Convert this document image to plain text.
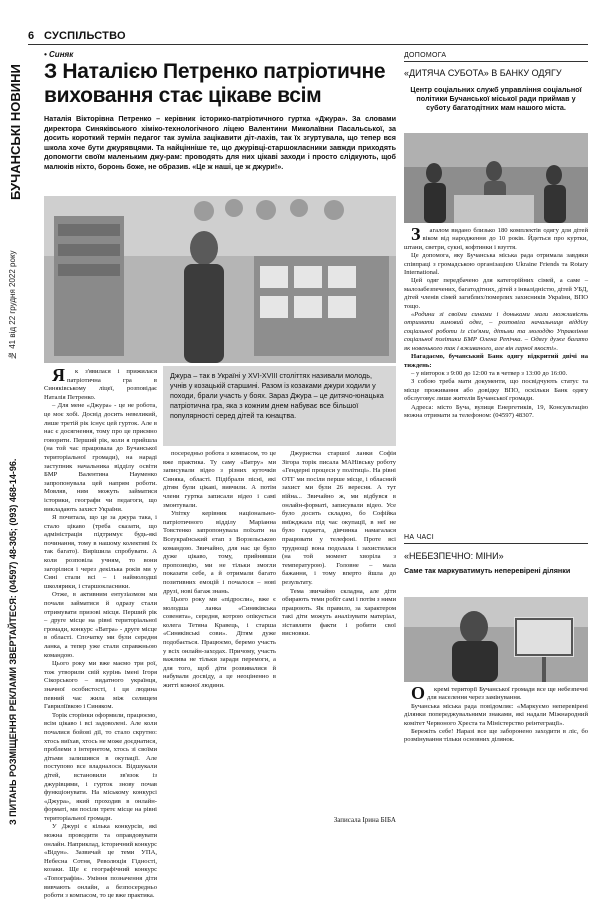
6 СУСПІЛЬСТВО
БУЧАНСЬКІ НОВИНИ
№ 41 від 22 грудня 2022 року
З ПИТАНЬ РОЗМІЩЕННЯ РЕКЛАМИ ЗВЕРТАЙТЕСЯ: (04597) 48-305; (093) 468-14-96.
• Синяк
З Наталією Петренко патріотичне виховання стає цікаве всім
Наталія Вікторівна Петренко – керівник історико-патріотичного гуртка «Джура». За словами директора Синяківського хіміко-технологічного ліцею Валентини Миколаївни Пасальської, за досить короткий термін педагог так зуміла зацікавити діт-лахів, так їх згуртувала, що тепер вся школа хоче бути джурявцями. Та найцінніше те, що джурівці-старшокласники завжди приходять допомогти своїм маленьким джу-рам: проводять для них цікаві заходи і просто слідкують, щоб малюків ніхто, боронь боже, не образив. «Це ж наші, це ж джури!».

Як з'явилася і прижилася патріотична гра в Синяківському ліцеї, розповідає Наталія Петренко.

– Для мене «Джура» - це не робота, це моє хобі. Досвід досить невеликий, лише третій рік існує цей гурток. Але в нас є досягнення, тому про це приємно говорити. Перший рік, коли я прийшла (на той час працювала до Бучанської територіальної громади), на нараді заступник начальника відділу освіти БМР Валентина Науменко запропонувала цей напрям роботи. Мовляв, ним можуть займатися історики, географи чи педагоги, що викладають захист України.

Я почитала, що це за джура така, і стало цікаво (треба сказати, що адміністрація підтримує будь-які починання, тому в нашому колективі їх так багато). Вирішила спробувати. А коли розповіла учням, то вони загорілися і через декілька років ми у Сині стали всі – і наймолодші школярики, і старшокласники.

Отже, в активним ентузіазмом ми почали займатися й одразу стали отримувати призові місця. Перший рік – друге місце на рівні територіальної громади, конкурс «Ватра» - друге місце в області. Спочатку ми були середня ланка, а тепер уже стали справжньою командою.

Цього року ми вже маємо три рої, тож утворили свій курінь імені Ігоря Сікорського – видатного українця, значної особистості, і ця людина певний час жила між селищем Гавриліївкою і Синяком.

Торік сторінки оформили, працюємо, всім цікаво і всі задоволені. Але коли почалися бойові дії, то стало скрутно: хтось виїхав, хтось не може доєднатися, проблеми з інтернетом, хтось зі своїми дітьми залишився в окупації. Але поступово все владналося. Відшукали дітей, встановили зв'язок із джурівцями, і гурток знову почав функціонувати. На міському конкурсі «Джура», який проходив в онлайн-форматі, ми посіли третє місце на рівні територіальної громади.

У Джурі є кілька конкурсів, які можна проводити та оправдовувати онлайн. Наприклад, історичний конкурс «Відун». Зазвичай це теми УПА, Небесна Сотня, Революція Гідності, козаки. Ще є географічний конкурс «Топографія». Уміння позначення діти вивчають онлайн, а безпосередньо роботи з компасом, то це вже практика.

Джура – так в Україні у XVI-XVIII століттях називали молодь, учнів у козацькій старшині. Разом із козаками джури ходили у походи, брали участь у боях. Зараз Джура – це дитячо-юнацька патріотична гра, яка з кожним днем набуває все більшої популярності серед дітей та юнацтва.

посередньо робота з компасом, то це вже практика. Ту саму «Ватру» ми записували відео з різних куточків Синяка, області. Підібрали пісні, які дітям були цікаві, вивчили. А потім члени гуртка записали відео і самі змонтували.

Упітку керівник національно-патріотичного відділу Маріанна Товстенко запропонувала поїхати на Всеукраїнський етап з Ворзельською командою. Звичайно, для нас це було дуже цікаво, тому, прийнявши пропозицію, ми не тільки змогли показати себе, а й отримали багато позитивних емоцій і почалося – нові друзі, нові багаж знань.

Цього року ми «підросли», вже є молодша ланка «Синяківська совенята», середня, котрою опікується колега Тетяна Кравець, і старша «Синяківські сови». Дітям дуже подобається. Працюємо, беремо участь у всіх онлайн-заходах. Причому, участь важлива не тільки заради перемоги, а для того, щоб діти розвивалися й набували досвіду, а це неоціненно в житті кожної людини.

Джуристка старшої ланки Софія Зігора торік писала МАНівську роботу «Гендерні процеси у політиці». На рівні ОТГ ми посіли перше місце, і обласний захист ми були 26 вересня. А тут війна... Звичайно ж, ми відбувся в онлайн-форматі, записували відео. Усе було досить складно, бо Софійка виїжджала під час окупації, в неї не було гаджета, дівчинка намагалася працювати у телефоні. Проте всі труднощі вона подолала і захистилася (на той момент хворіла з температурою). Головне – мала бажання, і тому вперто йшла до результату.

Тема звичайно складна, але діти обирають теми робіт самі і потім з ними працюють. Як правило, за характером такі діти можуть аналізувати матеріал, зіставляти факти і робити свої висновки.

Записала Ірина БІБА
ДОПОМОГА
«ДИТЯЧА СУБОТА» В БАНКУ ОДЯГУ
Центр соціальних служб управління соціальної політики Бучанської міської ради приймав у суботу багатодітних мам нашого міста.

Загалом видано близько 180 комплектів одягу для дітей віком від народження до 10 років. Йдеться про куртки, штани, светри, сукні, кофтинки і взуття.

Це допомога, яку Бучанська міська рада отримала завдяки співпраці з громадською організацією Ukraine Friends та Rotary International.

Цей одяг передбачено для категорійних сімей, а саме – малозабезпечених, багатодітних, дітей з інвалідністю, дітей УБД, дітей членів сімей загиблих/померлих захисників України, ВПО тощо.

«Родини зі своїми синами і доньками мали можливість отримати зимовий одяг, – розповіла начальниця відділу соціальної роботи із сім'ями, дітьми та молоддю Управління соціальної політики БМР Олена Репічка. – Одягу дуже багато як новенького так і вживаного, але він гарної якості».

Нагадаємо, бучанський Банк одягу відкритий двічі на тиждень:

– у вівторок з 9:00 до 12:00 та в четвер з 13:00 до 16:00.

З собою треба мати документи, що посвідчують статус та місце проживання або довідку ВПО, оскільки Банк одягу обслуговує лише жителів Бучанської громади.

Адреса: місто Буча, вулиця Енергетиків, 19, Консультацію можна отримати за телефоном: (04597) 48307.

НА ЧАСІ
«НЕБЕЗПЕЧНО: МІНИ»
Саме так маркуватимуть неперевірені ділянки

Окремі території Бучанської громади все ще небезпечні для населення через замінування.

Бучанська міська рада повідомляє: «Маркуємо неперевірені ділянки попереджувальними знаками, які надали Міжнародний комітет Червоного Хреста та Міністерство реінтеграції».

Бережіть себе! Наразі все ще заборонено заходити в ліс, бо розмінування тільки основних ділянок.
